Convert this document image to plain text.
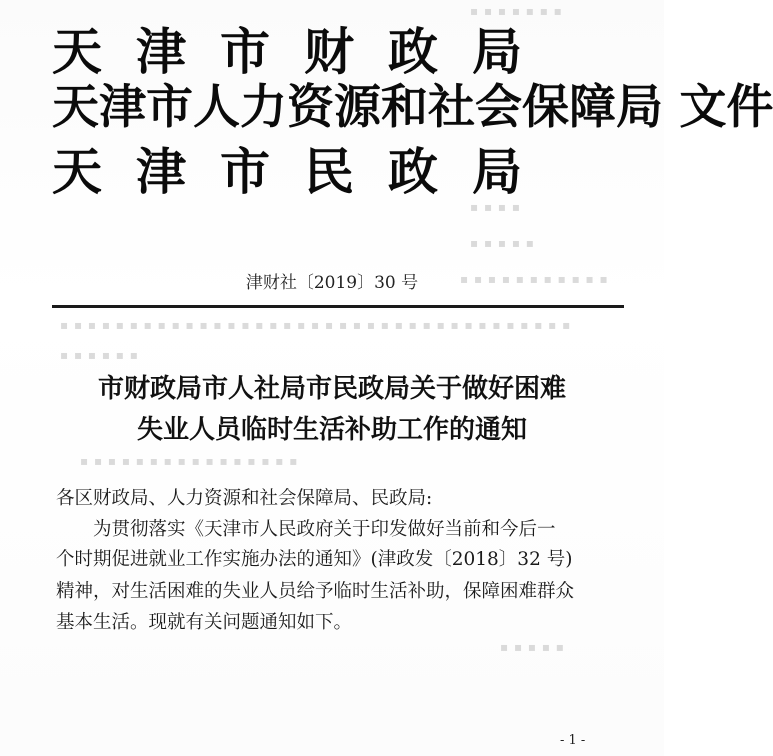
▪ ▪ ▪ ▪ ▪ ▪ ▪
▪ ▪ ▪ ▪
▪ ▪ ▪ ▪ ▪
▪ ▪ ▪ ▪ ▪ ▪ ▪ ▪ ▪ ▪ ▪
▪ ▪ ▪ ▪ ▪ ▪ ▪ ▪ ▪ ▪ ▪ ▪ ▪ ▪ ▪ ▪ ▪ ▪ ▪ ▪ ▪ ▪ ▪ ▪ ▪ ▪ ▪ ▪ ▪ ▪ ▪ ▪ ▪ ▪ ▪ ▪ ▪
▪ ▪ ▪ ▪ ▪ ▪
▪ ▪ ▪ ▪ ▪ ▪ ▪ ▪ ▪ ▪ ▪ ▪ ▪ ▪ ▪ ▪
▪ ▪ ▪ ▪ ▪
天津市财政局
天津市人力资源和社会保障局 文件
天津市民政局
津财社〔2019〕30 号
市财政局市人社局市民政局关于做好困难
失业人员临时生活补助工作的通知
各区财政局、人力资源和社会保障局、民政局:
为贯彻落实《天津市人民政府关于印发做好当前和今后一
个时期促进就业工作实施办法的通知》(津政发〔2018〕32 号)
精神，对生活困难的失业人员给予临时生活补助，保障困难群众
基本生活。现就有关问题通知如下。
- 1 -
